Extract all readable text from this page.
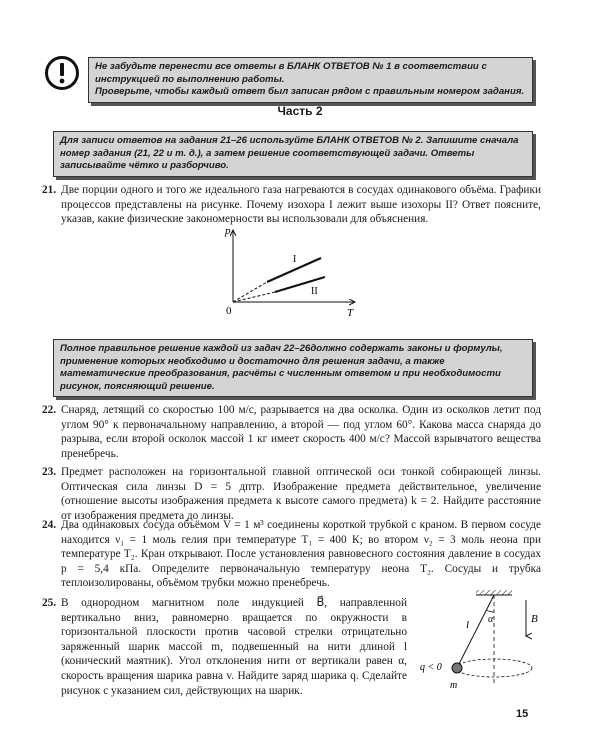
Не забудьте перенести все ответы в БЛАНК ОТВЕТОВ № 1 в соответствии с инструкцией по выполнению работы.

Проверьте, чтобы каждый ответ был записан рядом с правильным номером задания.

Часть 2

Для записи ответов на задания 21–26 используйте БЛАНК ОТВЕТОВ № 2. Запишите сначала номер задания (21, 22 и т. д.), а затем решение соответствующей задачи. Ответы записывайте чётко и разборчиво.

21. Две порции одного и того же идеального газа нагреваются в сосудах одинакового объёма. Графики процессов представлены на рисунке. Почему изохора I лежит выше изохоры II? Ответ поясните, указав, какие физические закономерности вы использовали для объяснения.

p
T
0
I
II

Полное правильное решение каждой из задач 22–26должно содержать законы и формулы, применение которых необходимо и достаточно для решения задачи, а также математические преобразования, расчёты с численным ответом и при необходимости рисунок, поясняющий решение.

22. Снаряд, летящий со скоростью 100 м/с, разрывается на два осколка. Один из осколков летит под углом 90° к первоначальному направлению, а второй — под углом 60°. Какова масса снаряда до разрыва, если второй осколок массой 1 кг имеет скорость 400 м/с? Массой взрывчатого вещества пренебречь.

23. Предмет расположен на горизонтальной главной оптической оси тонкой собирающей линзы. Оптическая сила линзы D = 5 дптр. Изображение предмета действительное, увеличение (отношение высоты изображения предмета к высоте самого предмета) k = 2. Найдите расстояние от изображения предмета до линзы.

24. Два одинаковых сосуда объёмом V = 1 м³ соединены короткой трубкой с краном. В первом сосуде находится ν₁ = 1 моль гелия при температуре T₁ = 400 К; во втором ν₂ = 3 моль неона при температуре T₂. Кран открывают. После установления равновесного состояния давление в сосудах p = 5,4 кПа. Определите первоначальную температуру неона T₂. Сосуды и трубка теплоизолированы, объёмом трубки можно пренебречь.

25. В однородном магнитном поле индукцией B⃗, направленной вертикально вниз, равномерно вращается по окружности в горизонтальной плоскости против часовой стрелки отрицательно заряженный шарик массой m, подвешенный на нити длиной l (конический маятник). Угол отклонения нити от вертикали равен α, скорость вращения шарика равна v. Найдите заряд шарика q. Сделайте рисунок с указанием сил, действующих на шарик.

B⃗
α
l
q < 0
m
15
